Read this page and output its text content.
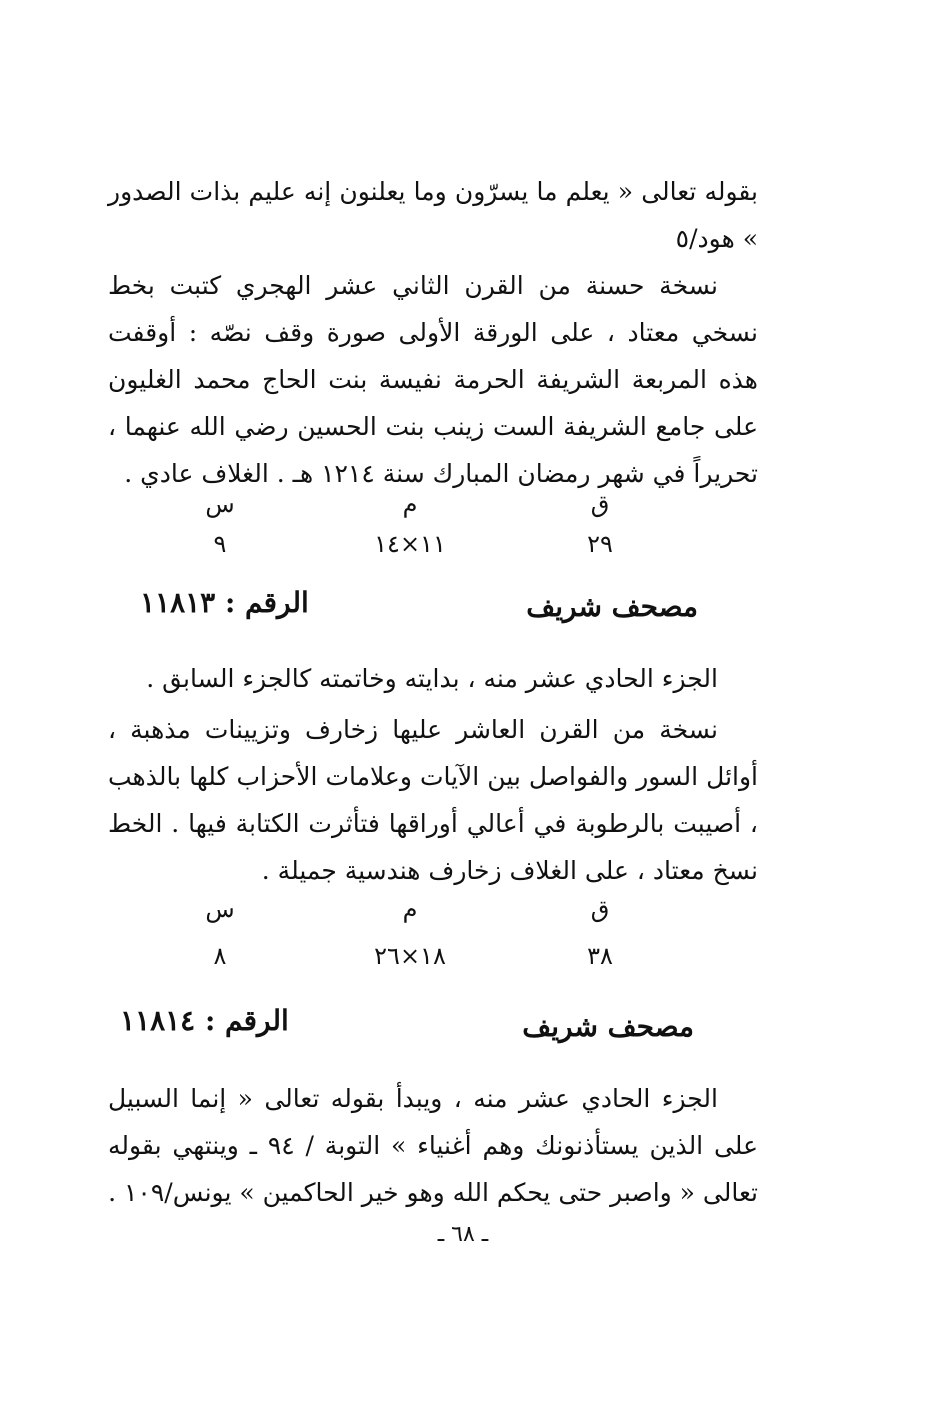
بقوله تعالى « يعلم ما يسرّون وما يعلنون إنه عليم بذات الصدور » هود/٥

نسخة حسنة من القرن الثاني عشر الهجري كتبت بخط نسخي معتاد ، على الورقة الأولى صورة وقف نصّه : أوقفت هذه المربعة الشريفة الحرمة نفيسة بنت الحاج محمد الغليون على جامع الشريفة الست زينب بنت الحسين رضي الله عنهما ، تحريراً في شهر رمضان المبارك سنة ١٢١٤ هـ . الغلاف عادي .

ق
م
س
٢٩
١١×١٤
٩
مصحف شريف
الرقم : ١١٨١٣

الجزء الحادي عشر منه ، بدايته وخاتمته كالجزء السابق .

نسخة من القرن العاشر عليها زخارف وتزيينات مذهبة ، أوائل السور والفواصل بين الآيات وعلامات الأحزاب كلها بالذهب ، أصيبت بالرطوبة في أعالي أوراقها فتأثرت الكتابة فيها . الخط نسخ معتاد ، على الغلاف زخارف هندسية جميلة .

ق
م
س
٣٨
١٨×٢٦
٨
مصحف شريف
الرقم : ١١٨١٤

الجزء الحادي عشر منه ، ويبدأ بقوله تعالى « إنما السبيل على الذين يستأذنونك وهم أغنياء » التوبة / ٩٤ ـ وينتهي بقوله تعالى « واصبر حتى يحكم الله وهو خير الحاكمين » يونس/١٠٩ .

ـ ٦٨ ـ
